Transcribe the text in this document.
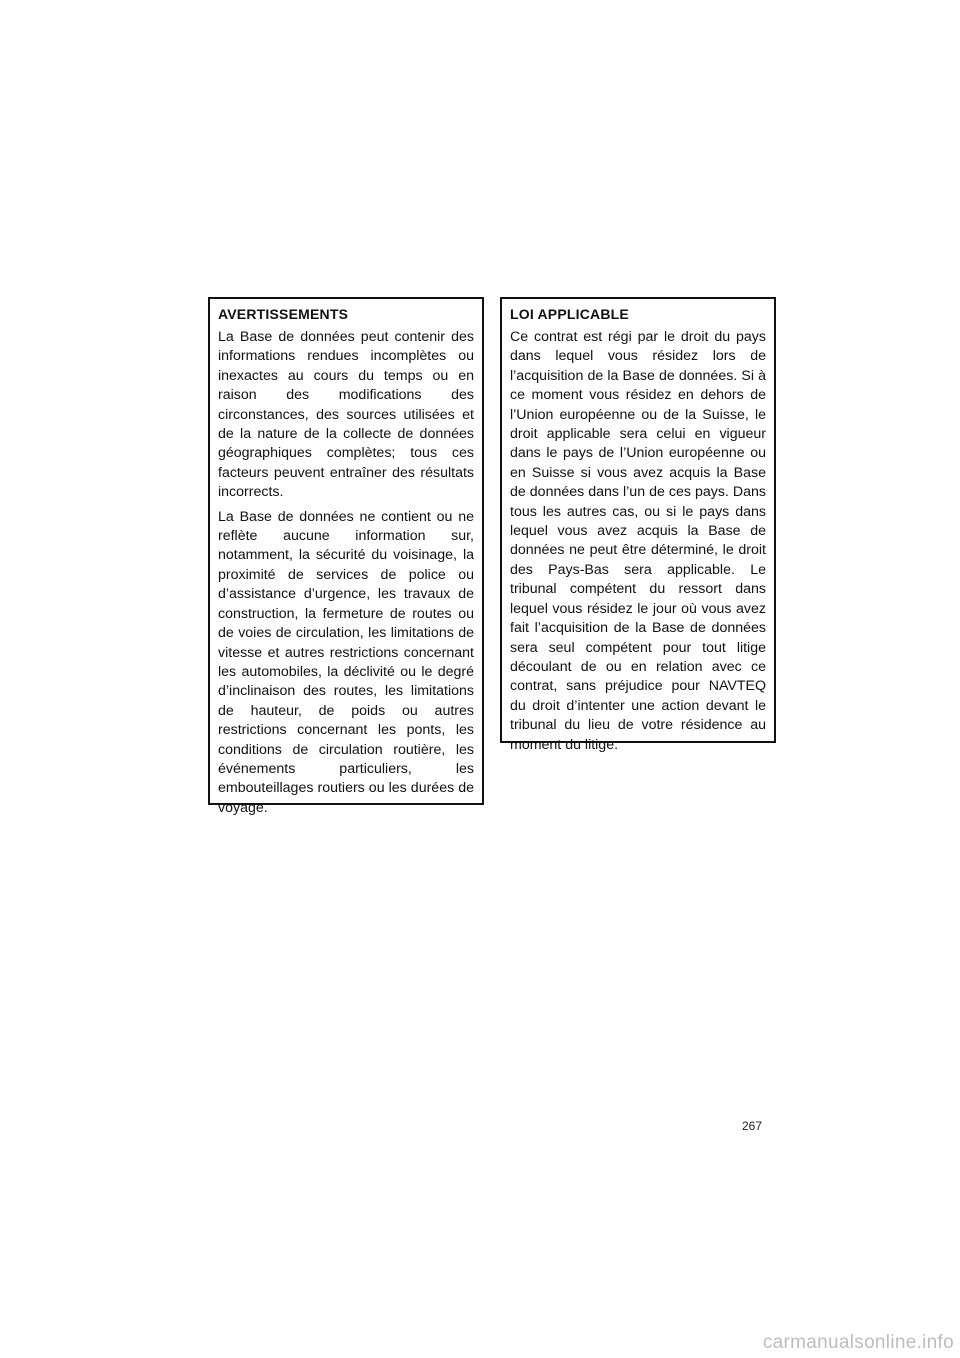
AVERTISSEMENTS

La Base de données peut contenir des informations rendues incomplètes ou inexactes au cours du temps ou en raison des modifications des circonstances, des sources utilisées et de la nature de la collecte de données géographiques complètes; tous ces facteurs peuvent entraîner des résultats incorrects.

La Base de données ne contient ou ne reflète aucune information sur, notamment, la sécurité du voisinage, la proximité de services de police ou d’assistance d’urgence, les travaux de construction, la fermeture de routes ou de voies de circulation, les limitations de vitesse et autres restrictions concernant les automobiles, la déclivité ou le degré d’inclinaison des routes, les limitations de hauteur, de poids ou autres restrictions concernant les ponts, les conditions de circulation routière, les événements particuliers, les embouteillages routiers ou les durées de voyage.

LOI APPLICABLE

Ce contrat est régi par le droit du pays dans lequel vous résidez lors de l’acquisition de la Base de données. Si à ce moment vous résidez en dehors de l’Union européenne ou de la Suisse, le droit applicable sera celui en vigueur dans le pays de l’Union européenne ou en Suisse si vous avez acquis la Base de données dans l’un de ces pays. Dans tous les autres cas, ou si le pays dans lequel vous avez acquis la Base de données ne peut être déterminé, le droit des Pays-Bas sera applicable. Le tribunal compétent du ressort dans lequel vous résidez le jour où vous avez fait l’acquisition de la Base de données sera seul compétent pour tout litige découlant de ou en relation avec ce contrat, sans préjudice pour NAVTEQ du droit d’intenter une action devant le tribunal du lieu de votre résidence au moment du litige.

267
carmanualsonline.info
